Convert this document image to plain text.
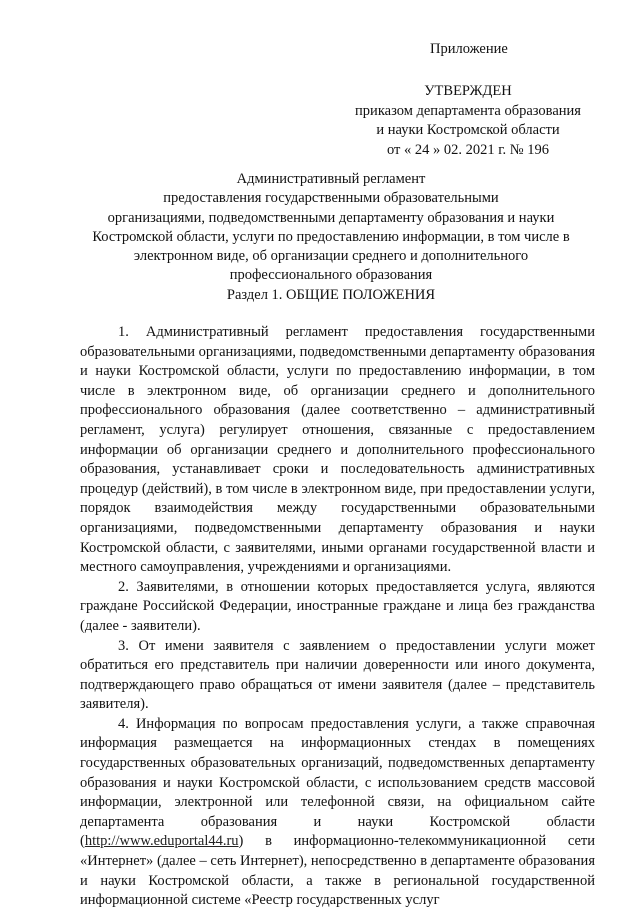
Приложение
УТВЕРЖДЕН
приказом департамента образования
и науки Костромской области
от « 24 » 02. 2021 г. № 196
Административный регламент
предоставления государственными образовательными
организациями, подведомственными департаменту образования и науки
Костромской области, услуги по предоставлению информации, в том числе в
электронном виде, об организации среднего и дополнительного
профессионального образования
Раздел 1. ОБЩИЕ ПОЛОЖЕНИЯ

1. Административный регламент предоставления государственными образовательными организациями, подведомственными департаменту образования и науки Костромской области, услуги по предоставлению информации, в том числе в электронном виде, об организации среднего и дополнительного профессионального образования (далее соответственно – административный регламент, услуга) регулирует отношения, связанные с предоставлением информации об организации среднего и дополнительного профессионального образования, устанавливает сроки и последовательность административных процедур (действий), в том числе в электронном виде, при предоставлении услуги, порядок взаимодействия между государственными образовательными организациями, подведомственными департаменту образования и науки Костромской области, с заявителями, иными органами государственной власти и местного самоуправления, учреждениями и организациями.

2. Заявителями, в отношении которых предоставляется услуга, являются граждане Российской Федерации, иностранные граждане и лица без гражданства (далее - заявители).

3. От имени заявителя с заявлением о предоставлении услуги может обратиться его представитель при наличии доверенности или иного документа, подтверждающего право обращаться от имени заявителя (далее – представитель заявителя).

4. Информация по вопросам предоставления услуги, а также справочная информация размещается на информационных стендах в помещениях государственных образовательных организаций, подведомственных департаменту образования и науки Костромской области, с использованием средств массовой информации, электронной или телефонной связи, на официальном сайте департамента образования и науки Костромской области (http://www.eduportal44.ru) в информационно-телекоммуникационной сети «Интернет» (далее – сеть Интернет), непосредственно в департаменте образования и науки Костромской области, а также в региональной государственной информационной системе «Реестр государственных услуг
